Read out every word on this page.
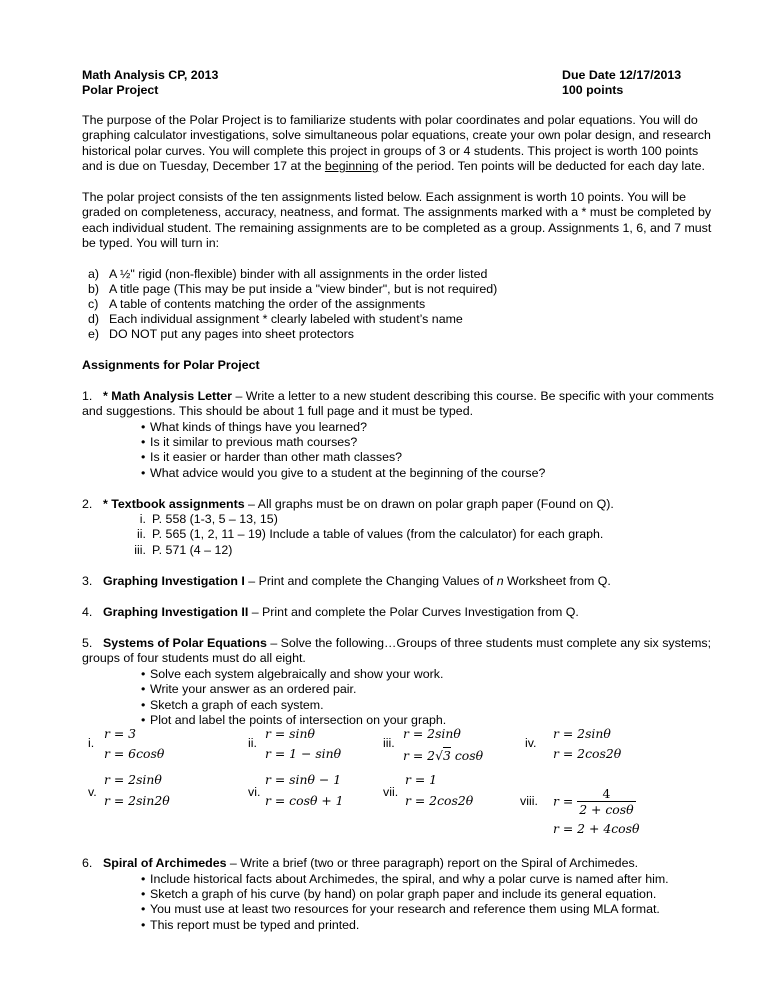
Math Analysis CP, 2013
Polar Project
Due Date 12/17/2013
100 points
The purpose of the Polar Project is to familiarize students with polar coordinates and polar equations. You will do graphing calculator investigations, solve simultaneous polar equations, create your own polar design, and research historical polar curves. You will complete this project in groups of 3 or 4 students. This project is worth 100 points and is due on Tuesday, December 17 at the beginning of the period. Ten points will be deducted for each day late.
The polar project consists of the ten assignments listed below. Each assignment is worth 10 points. You will be graded on completeness, accuracy, neatness, and format. The assignments marked with a * must be completed by each individual student. The remaining assignments are to be completed as a group. Assignments 1, 6, and 7 must be typed. You will turn in:
a) A ½" rigid (non-flexible) binder with all assignments in the order listed
b) A title page (This may be put inside a "view binder", but is not required)
c) A table of contents matching the order of the assignments
d) Each individual assignment * clearly labeled with student’s name
e) DO NOT put any pages into sheet protectors
Assignments for Polar Project
1. * Math Analysis Letter – Write a letter to a new student describing this course. Be specific with your comments and suggestions. This should be about 1 full page and it must be typed.
• What kinds of things have you learned?
• Is it similar to previous math courses?
• Is it easier or harder than other math classes?
• What advice would you give to a student at the beginning of the course?
2. * Textbook assignments – All graphs must be on drawn on polar graph paper (Found on Q).
i. P. 558 (1-3, 5 – 13, 15)
ii. P. 565 (1, 2, 11 – 19) Include a table of values (from the calculator) for each graph.
iii. P. 571 (4 – 12)
3. Graphing Investigation I – Print and complete the Changing Values of n Worksheet from Q.
4. Graphing Investigation II – Print and complete the Polar Curves Investigation from Q.
5. Systems of Polar Equations – Solve the following…Groups of three students must complete any six systems; groups of four students must do all eight.
• Solve each system algebraically and show your work.
• Write your answer as an ordered pair.
• Sketch a graph of each system.
• Plot and label the points of intersection on your graph.
i.
r = 3
r = 6cosθ
ii.
r = sinθ
r = 1 − sinθ
iii.
r = 2sinθ
r = 2√3 cosθ
iv.
r = 2sinθ
r = 2cos2θ
v.
r = 2sinθ
r = 2sin2θ
vi.
r = sinθ − 1
r = cosθ + 1
vii.
r = 1
r = 2cos2θ	viii. $r = \frac{4}{2 + \cos\theta}$
r = 2 + 4cosθ
6. Spiral of Archimedes – Write a brief (two or three paragraph) report on the Spiral of Archimedes.
• Include historical facts about Archimedes, the spiral, and why a polar curve is named after him.
• Sketch a graph of his curve (by hand) on polar graph paper and include its general equation.
• You must use at least two resources for your research and reference them using MLA format.
• This report must be typed and printed.
